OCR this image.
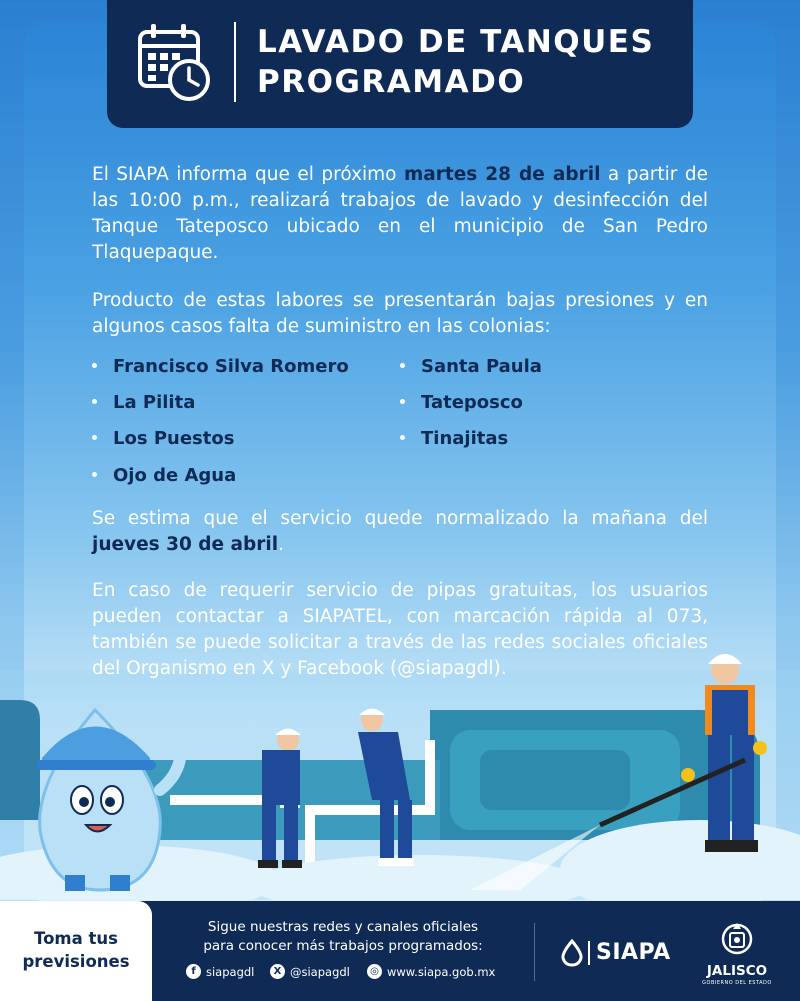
LAVADO DE TANQUES
PROGRAMADO
El SIAPA informa que el próximo martes 28 de abril a partir de las 10:00 p.m., realizará trabajos de lavado y desinfección del Tanque Tateposco ubicado en el municipio de San Pedro Tlaquepaque.
Producto de estas labores se presentarán bajas presiones y en algunos casos falta de suministro en las colonias:
Francisco Silva Romero
La Pilita
Los Puestos
Ojo de Agua
Santa Paula
Tateposco
Tinajitas
Se estima que el servicio quede normalizado la mañana del jueves 30 de abril.
En caso de requerir servicio de pipas gratuitas, los usuarios pueden contactar a SIAPATEL, con marcación rápida al 073, también se puede solicitar a través de las redes sociales oficiales del Organismo en X y Facebook (@siapagdl).
Toma tus
previsiones
Sigue nuestras redes y canales oficiales
para conocer más trabajos programados:
f siapagdl	X @siapagdl	◎ www.siapa.gob.mx
SIAPA
JALISCO
GOBIERNO DEL ESTADO
